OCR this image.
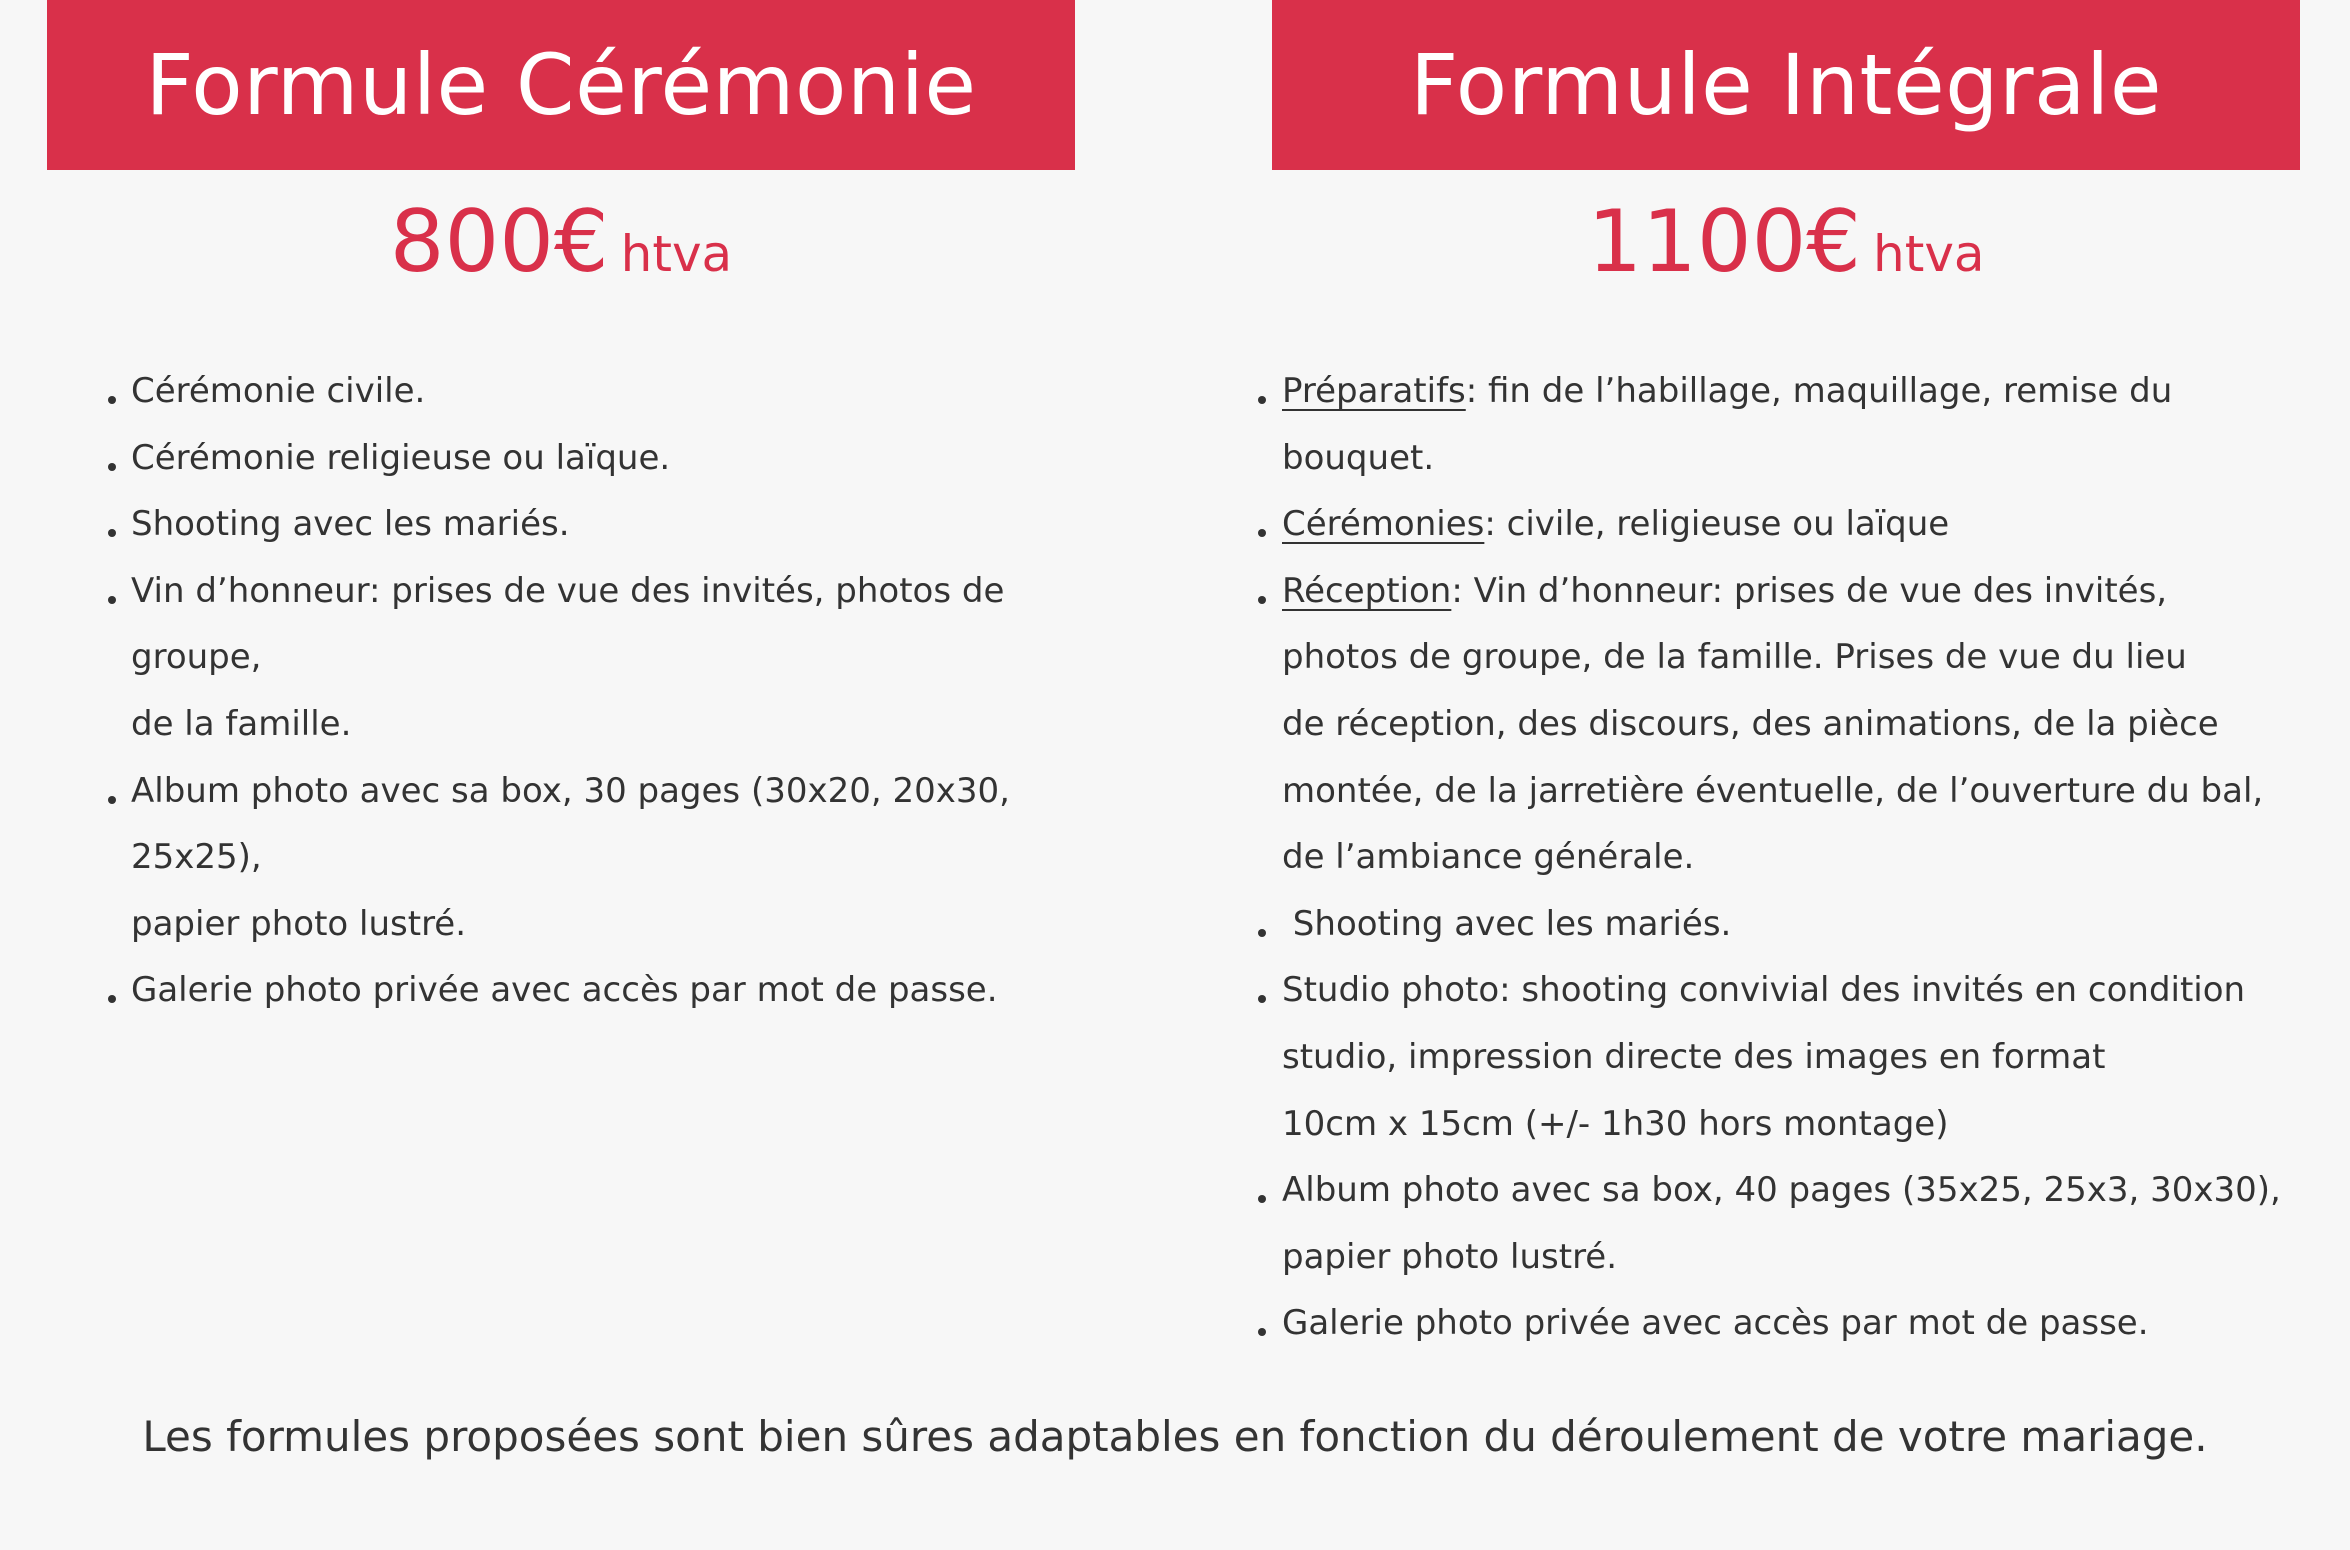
Formule Cérémonie
800€ htva
Cérémonie civile.
Cérémonie religieuse ou laïque.
Shooting avec les mariés.
Vin d’honneur: prises de vue des invités, photos de groupe,
de la famille.
Album photo avec sa box, 30 pages (30x20, 20x30, 25x25),
papier photo lustré.
Galerie photo privée avec accès par mot de passe.
Formule Intégrale
1100€ htva
Préparatifs: fin de l’habillage, maquillage, remise du bouquet.
Cérémonies: civile, religieuse ou laïque
Réception: Vin d’honneur: prises de vue des invités,
photos de groupe, de la famille. Prises de vue du lieu
de réception, des discours, des animations, de la pièce
montée, de la jarretière éventuelle, de l’ouverture du bal,
de l’ambiance générale.
Shooting avec les mariés.
Studio photo: shooting convivial des invités en condition
studio, impression directe des images en format
10cm x 15cm (+/- 1h30 hors montage)
Album photo avec sa box, 40 pages (35x25, 25x3, 30x30),
papier photo lustré.
Galerie photo privée avec accès par mot de passe.
Les formules proposées sont bien sûres adaptables en fonction du déroulement de votre mariage.
